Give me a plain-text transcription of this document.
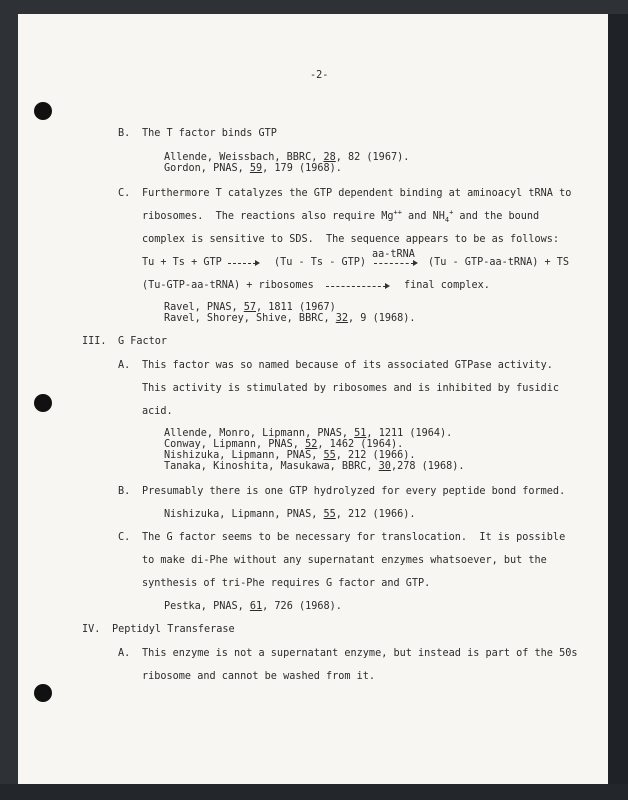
-2-
B. The T factor binds GTP
Allende, Weissbach, BBRC, 28, 82 (1967).
Gordon, PNAS, 59, 179 (1968).
C. Furthermore T catalyzes the GTP dependent binding at aminoacyl tRNA to
ribosomes.  The reactions also require Mg++ and $NH_4^+$ and the bound
complex is sensitive to SDS.  The sequence appears to be as follows:
Tu + Ts + GTP → (Tu - Ts - GTP)
aa-tRNA
→ (Tu - GTP-aa-tRNA) + TS
(Tu-GTP-aa-tRNA) + ribosomes → final complex.
Ravel, PNAS, 57, 1811 (1967)
Ravel, Shorey, Shive, BBRC, 32, 9 (1968).
III. G Factor
A. This factor was so named because of its associated GTPase activity.
This activity is stimulated by ribosomes and is inhibited by fusidic
acid.
Allende, Monro, Lipmann, PNAS, 51, 1211 (1964).
Conway, Lipmann, PNAS, 52, 1462 (1964).
Nishizuka, Lipmann, PNAS, 55, 212 (1966).
Tanaka, Kinoshita, Masukawa, BBRC, 30,278 (1968).
B. Presumably there is one GTP hydrolyzed for every peptide bond formed.
Nishizuka, Lipmann, PNAS, 55, 212 (1966).
C. The G factor seems to be necessary for translocation.  It is possible
to make di-Phe without any supernatant enzymes whatsoever, but the
synthesis of tri-Phe requires G factor and GTP.
Pestka, PNAS, 61, 726 (1968).
IV. Peptidyl Transferase
A. This enzyme is not a supernatant enzyme, but instead is part of the 50s
ribosome and cannot be washed from it.
